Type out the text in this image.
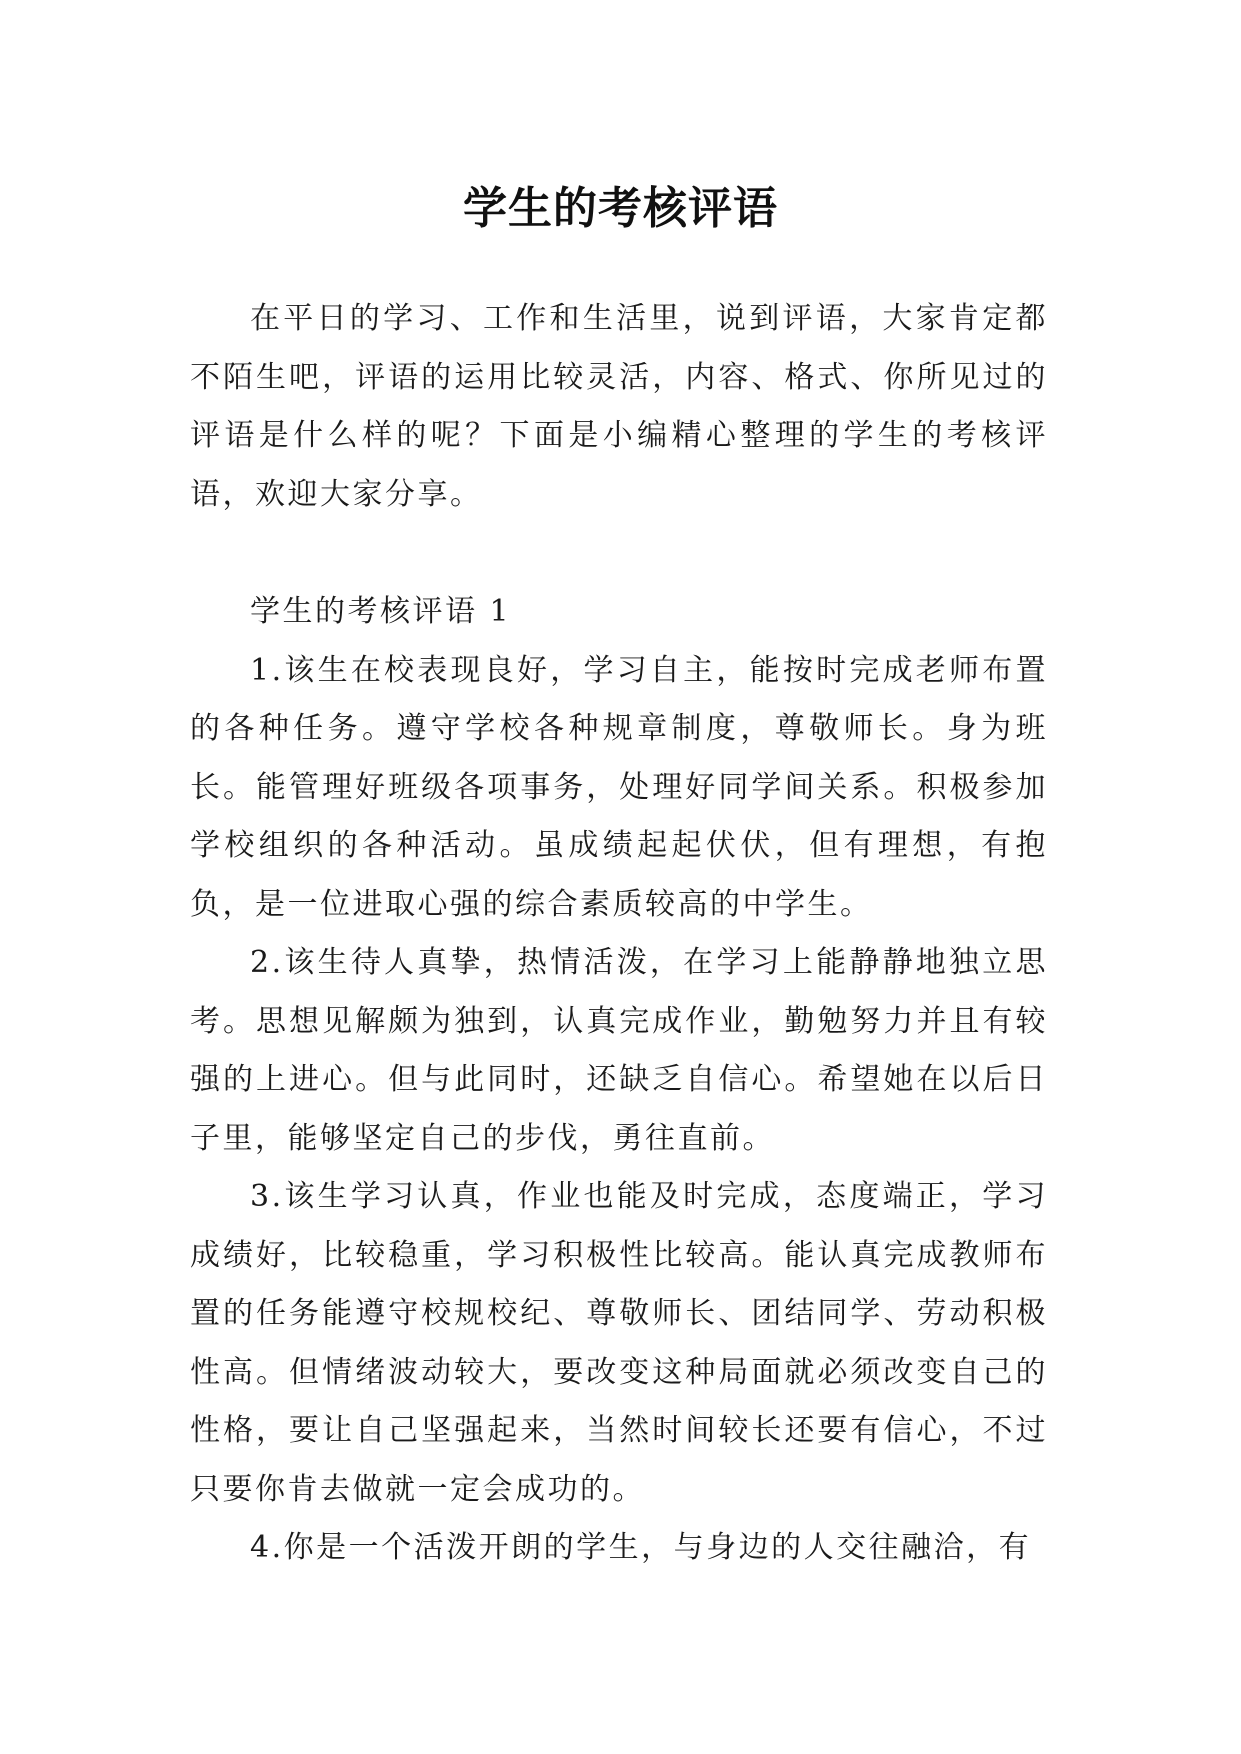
学生的考核评语

在平日的学习、工作和生活里，说到评语，大家肯定都不陌生吧，评语的运用比较灵活，内容、格式、你所见过的评语是什么样的呢？下面是小编精心整理的学生的考核评语，欢迎大家分享。

学生的考核评语 1

1.该生在校表现良好，学习自主，能按时完成老师布置的各种任务。遵守学校各种规章制度，尊敬师长。身为班长。能管理好班级各项事务，处理好同学间关系。积极参加学校组织的各种活动。虽成绩起起伏伏，但有理想，有抱负，是一位进取心强的综合素质较高的中学生。

2.该生待人真挚，热情活泼，在学习上能静静地独立思考。思想见解颇为独到，认真完成作业，勤勉努力并且有较强的上进心。但与此同时，还缺乏自信心。希望她在以后日子里，能够坚定自己的步伐，勇往直前。

3.该生学习认真，作业也能及时完成，态度端正，学习成绩好，比较稳重，学习积极性比较高。能认真完成教师布置的任务能遵守校规校纪、尊敬师长、团结同学、劳动积极性高。但情绪波动较大，要改变这种局面就必须改变自己的性格，要让自己坚强起来，当然时间较长还要有信心，不过只要你肯去做就一定会成功的。

4.你是一个活泼开朗的学生，与身边的人交往融洽，有
